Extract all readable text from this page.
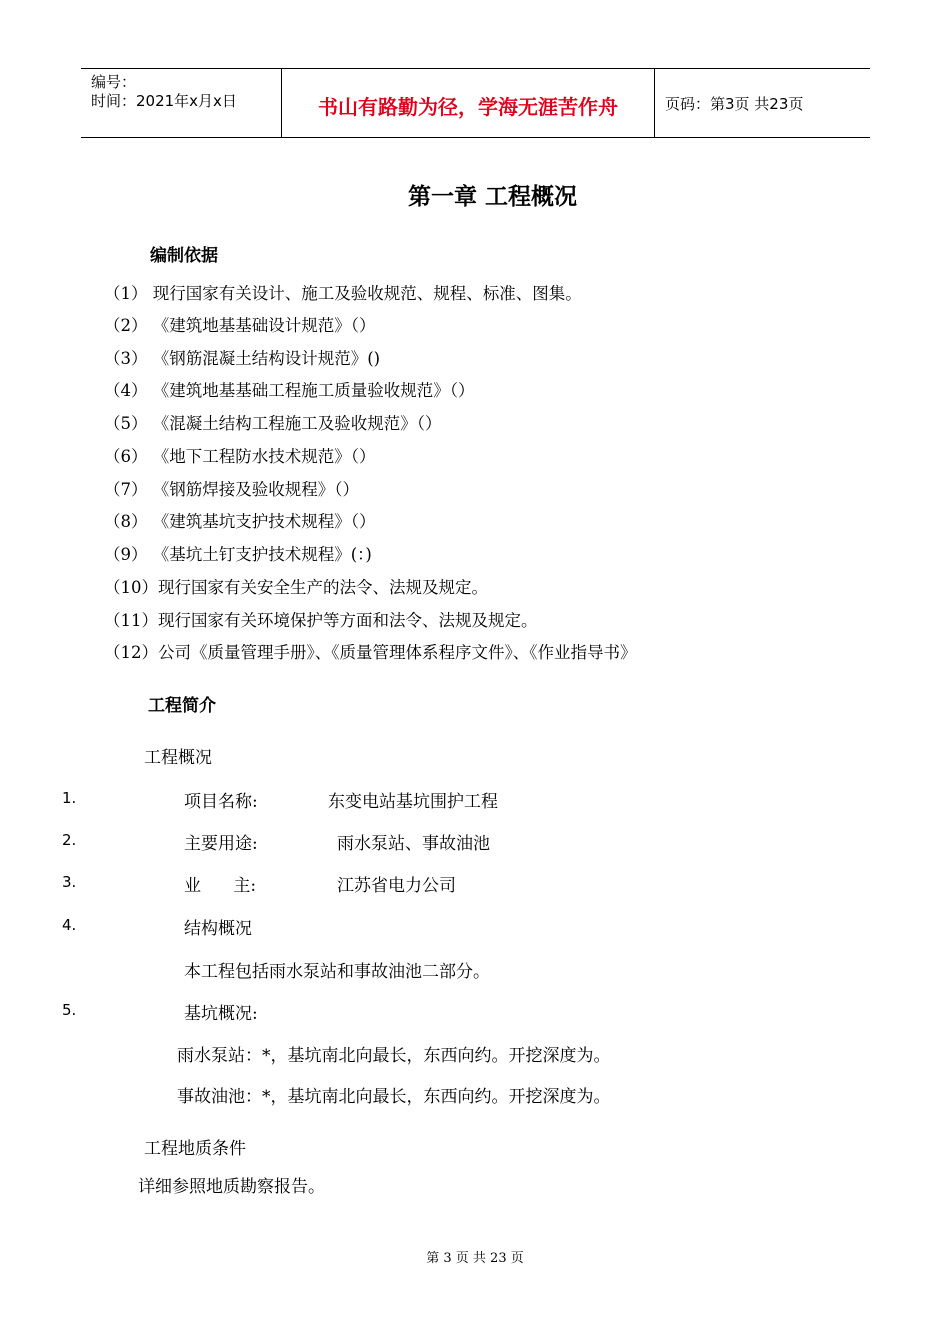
编号：
时间：2021年x月x日	书山有路勤为径，学海无涯苦作舟	页码：第3页 共23页
第一章 工程概况
编制依据
（1） 现行国家有关设计、施工及验收规范、规程、标准、图集。
（2） 《建筑地基基础设计规范》（）
（3） 《钢筋混凝土结构设计规范》()
（4） 《建筑地基基础工程施工质量验收规范》（）
（5） 《混凝土结构工程施工及验收规范》（）
（6） 《地下工程防水技术规范》（）
（7） 《钢筋焊接及验收规程》（）
（8） 《建筑基坑支护技术规程》（）
（9） 《基坑土钉支护技术规程》(：)
（10）现行国家有关安全生产的法令、法规及规定。
（11）现行国家有关环境保护等方面和法令、法规及规定。
（12）公司《质量管理手册》、《质量管理体系程序文件》、《作业指导书》
工程简介
工程概况
1.	项目名称:	东变电站基坑围护工程
2.	主要用途:	雨水泵站、事故油池
3.	业      主:	江苏省电力公司
4.	结构概况
本工程包括雨水泵站和事故油池二部分。
5.	基坑概况:
雨水泵站：*，基坑南北向最长，东西向约。开挖深度为。
事故油池：*，基坑南北向最长，东西向约。开挖深度为。
工程地质条件
详细参照地质勘察报告。
第 3 页 共 23 页
